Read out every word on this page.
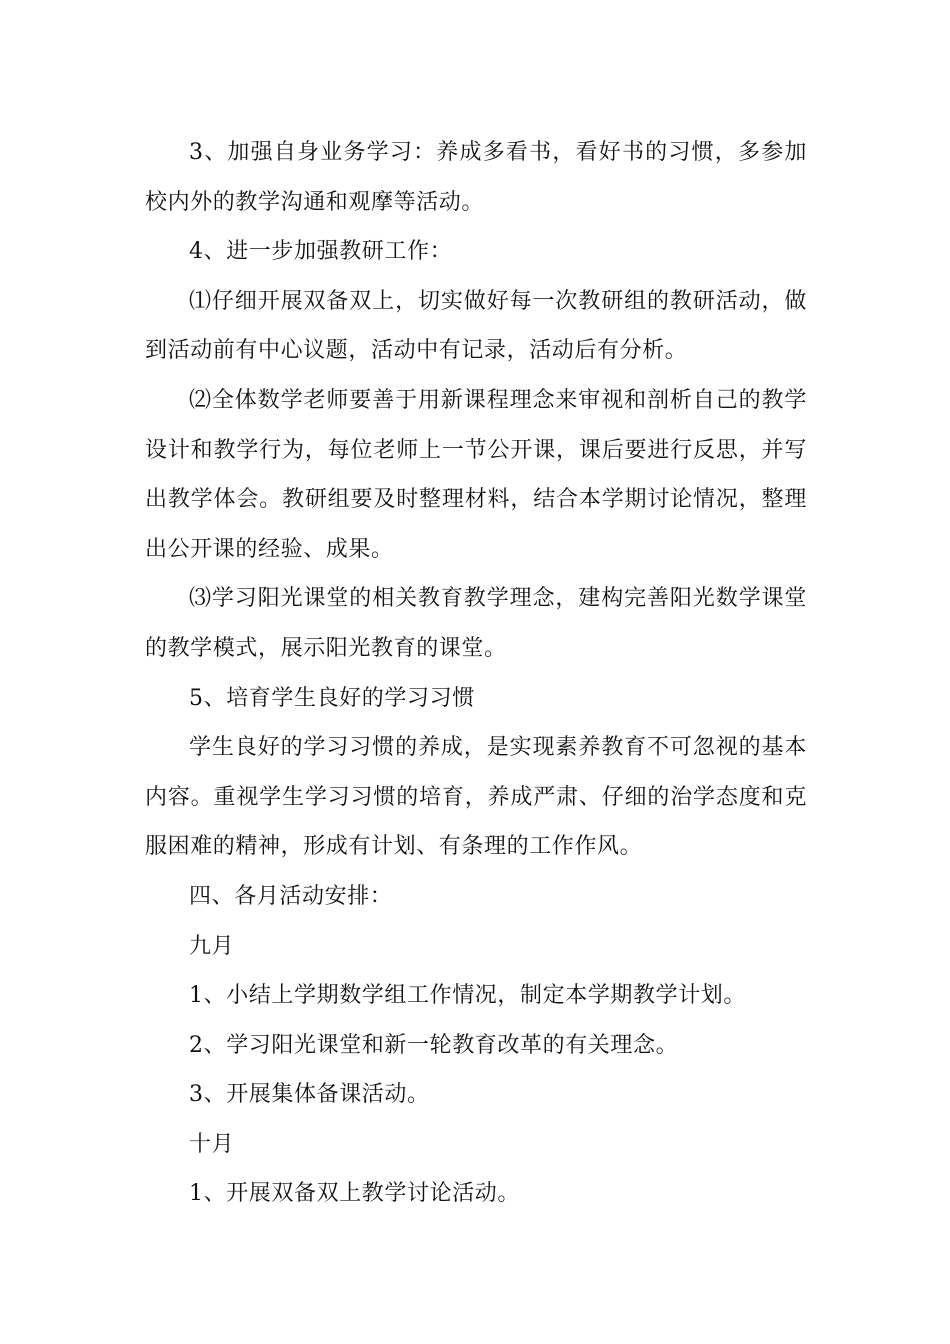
3、加强自身业务学习：养成多看书，看好书的习惯，多参加校内外的教学沟通和观摩等活动。

4、进一步加强教研工作：

⑴仔细开展双备双上，切实做好每一次教研组的教研活动，做到活动前有中心议题，活动中有记录，活动后有分析。

⑵全体数学老师要善于用新课程理念来审视和剖析自己的教学设计和教学行为，每位老师上一节公开课，课后要进行反思，并写出教学体会。教研组要及时整理材料，结合本学期讨论情况，整理出公开课的经验、成果。

⑶学习阳光课堂的相关教育教学理念，建构完善阳光数学课堂的教学模式，展示阳光教育的课堂。

5、培育学生良好的学习习惯

学生良好的学习习惯的养成，是实现素养教育不可忽视的基本内容。重视学生学习习惯的培育，养成严肃、仔细的治学态度和克服困难的精神，形成有计划、有条理的工作作风。

四、各月活动安排：

九月

1、小结上学期数学组工作情况，制定本学期教学计划。

2、学习阳光课堂和新一轮教育改革的有关理念。

3、开展集体备课活动。

十月

1、开展双备双上教学讨论活动。
